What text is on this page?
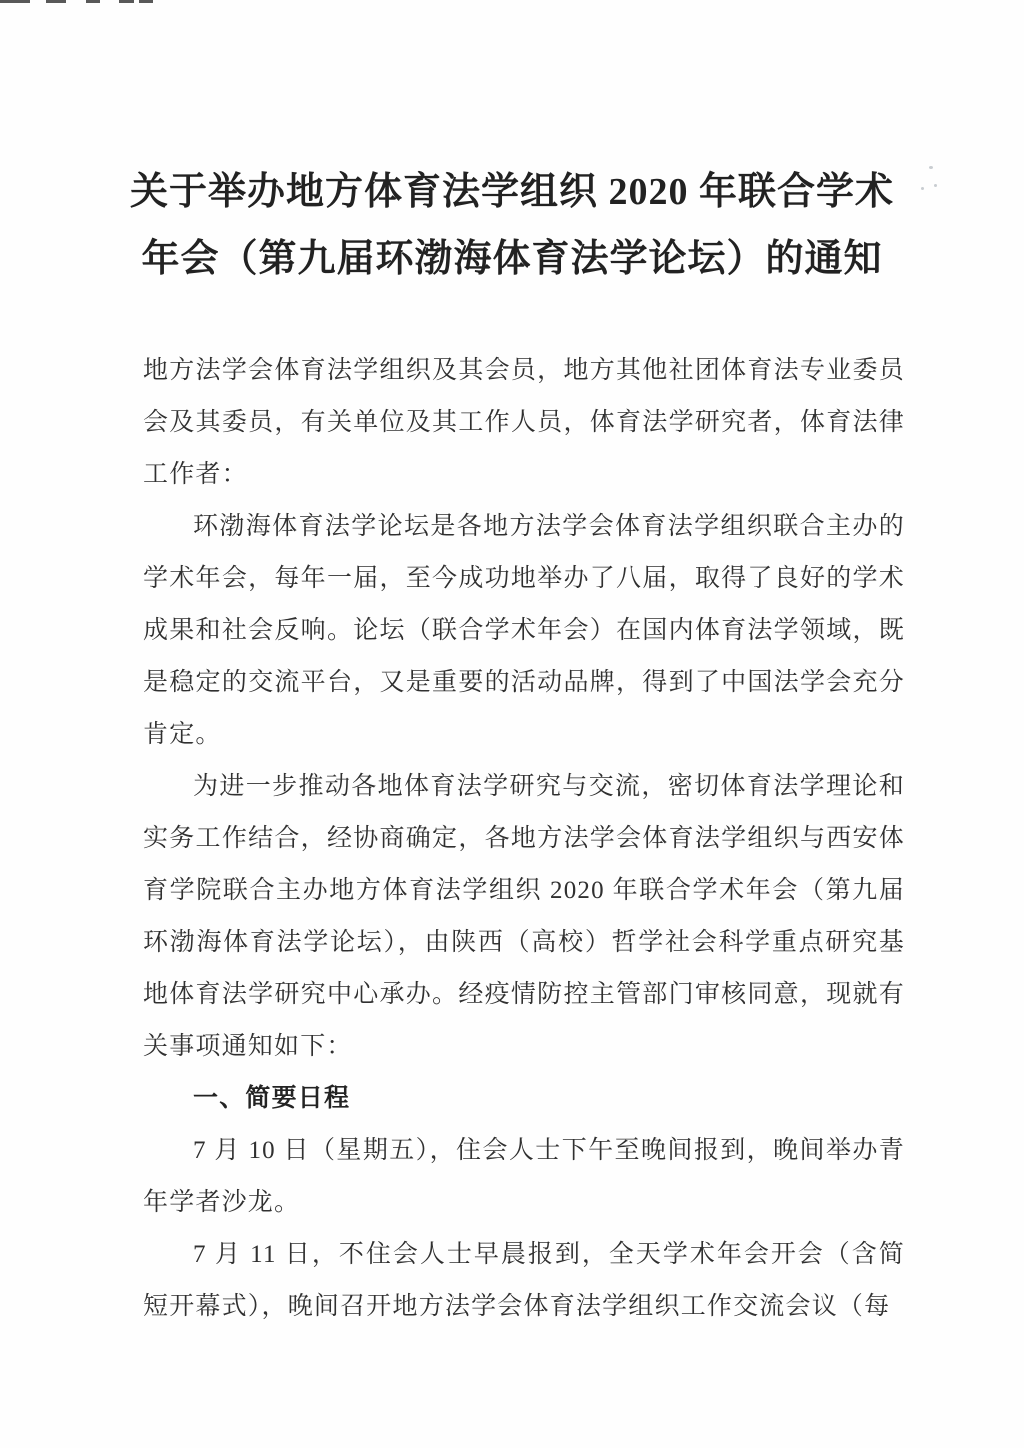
关于举办地方体育法学组织 2020 年联合学术
年会（第九届环渤海体育法学论坛）的通知

地方法学会体育法学组织及其会员，地方其他社团体育法专业委员会及其委员，有关单位及其工作人员，体育法学研究者，体育法律工作者：

环渤海体育法学论坛是各地方法学会体育法学组织联合主办的学术年会，每年一届，至今成功地举办了八届，取得了良好的学术成果和社会反响。论坛（联合学术年会）在国内体育法学领域，既是稳定的交流平台，又是重要的活动品牌，得到了中国法学会充分肯定。

为进一步推动各地体育法学研究与交流，密切体育法学理论和实务工作结合，经协商确定，各地方法学会体育法学组织与西安体育学院联合主办地方体育法学组织 2020 年联合学术年会（第九届环渤海体育法学论坛），由陕西（高校）哲学社会科学重点研究基地体育法学研究中心承办。经疫情防控主管部门审核同意，现就有关事项通知如下：

一、简要日程

7 月 10 日（星期五），住会人士下午至晚间报到，晚间举办青年学者沙龙。

7 月 11 日，不住会人士早晨报到，全天学术年会开会（含简短开幕式），晚间召开地方法学会体育法学组织工作交流会议（每
